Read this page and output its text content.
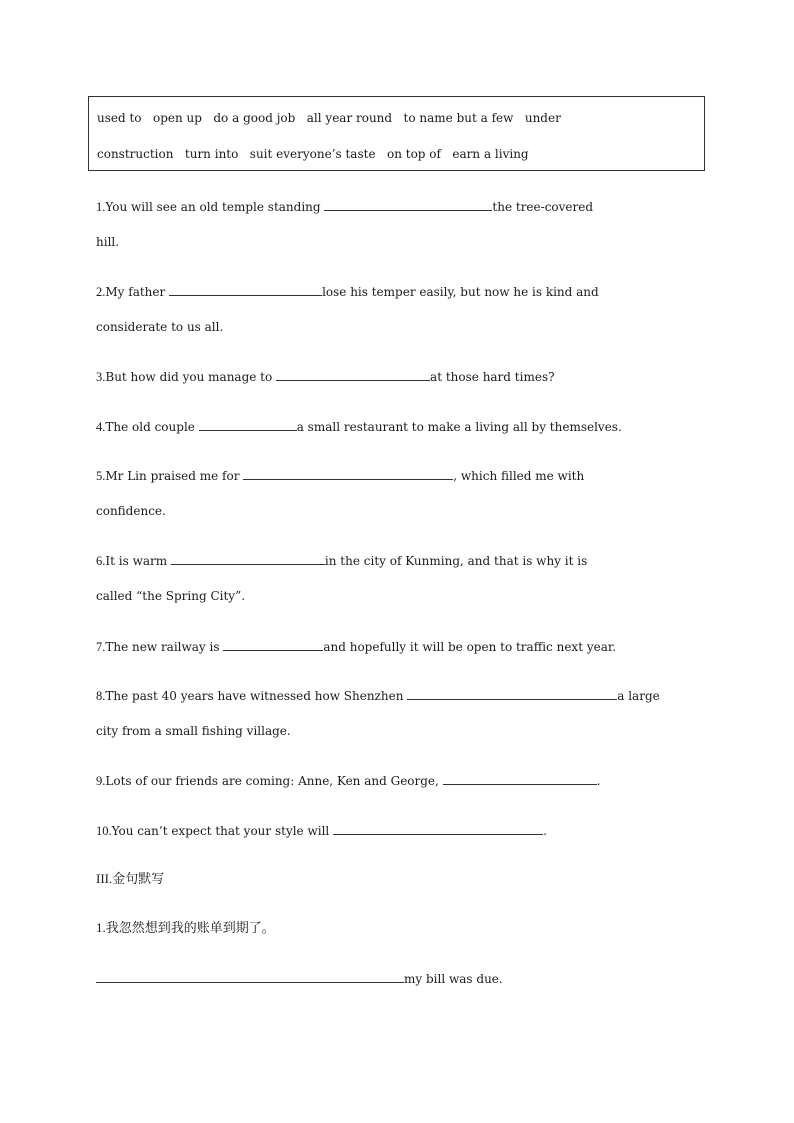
used to   open up   do a good job   all year round   to name but a few   under
construction   turn into   suit everyone’s taste   on top of   earn a living
1.You will see an old temple standing	the tree-covered
hill.
2.My father	lose his temper easily, but now he is kind and
considerate to us all.
3.But how did you manage to	at those hard times?
4.The old couple	a small restaurant to make a living all by themselves.
5.Mr Lin praised me for	, which filled me with
confidence.
6.It is warm	in the city of Kunming, and that is why it is
called “the Spring City”.
7.The new railway is	and hopefully it will be open to traffic next year.
8.The past 40 years have witnessed how Shenzhen	a large
city from a small fishing village.
9.Lots of our friends are coming: Anne, Ken and George,	.
10.You can’t expect that your style will	.
III.金句默写
1.我忽然想到我的账单到期了。
my bill was due.
